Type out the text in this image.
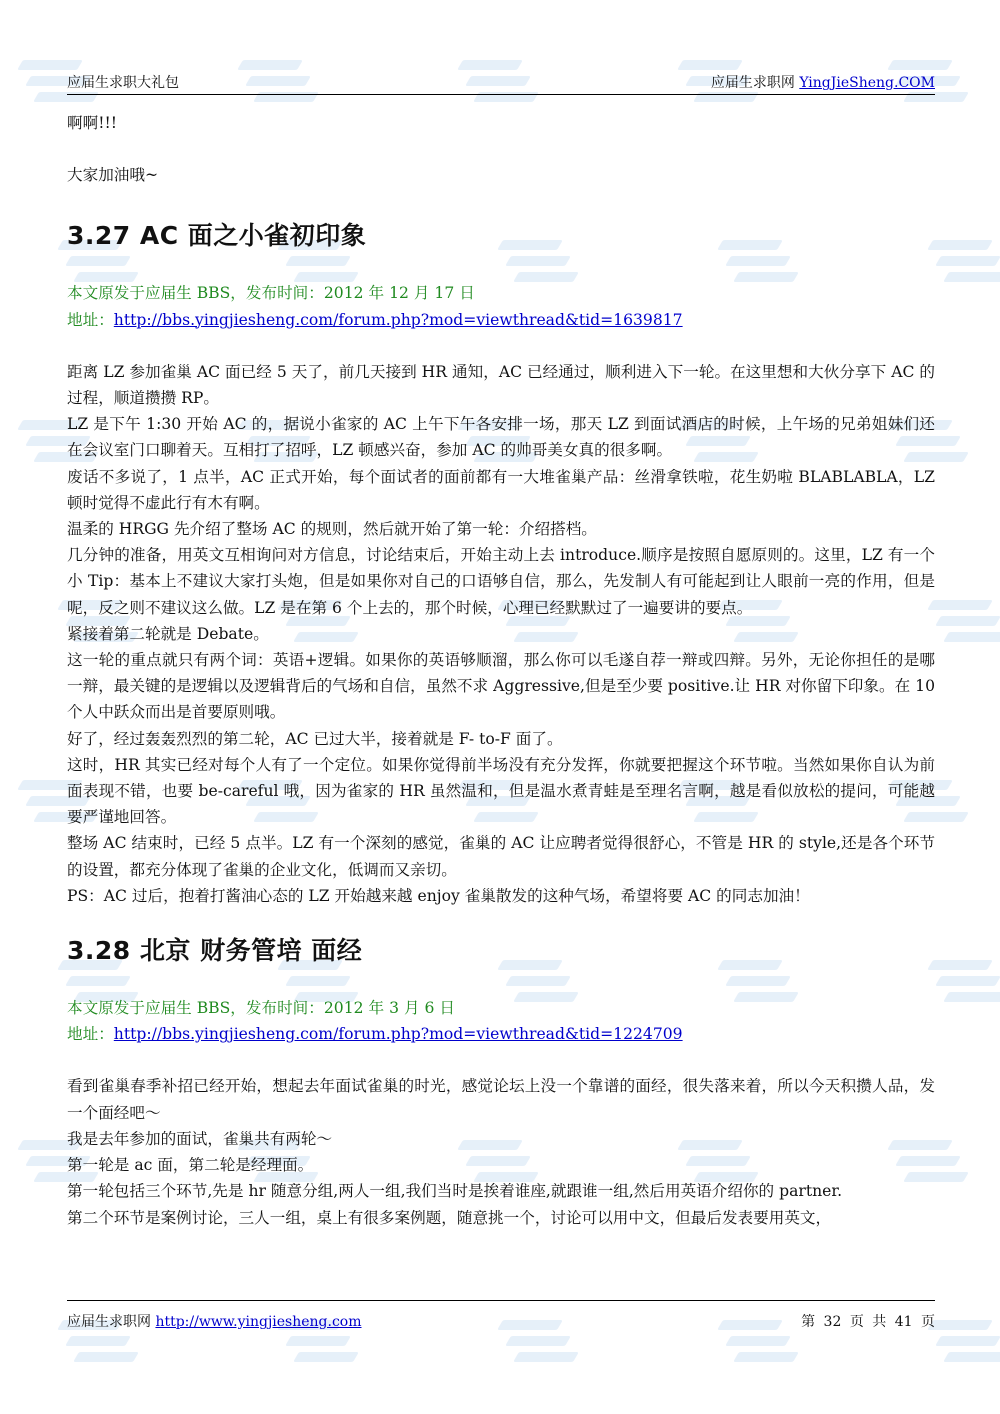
应届生求职大礼包	应届生求职网 YingJieSheng.COM

啊啊!!!

大家加油哦~

3.27 AC 面之小雀初印象

本文原发于应届生 BBS，发布时间：2012 年 12 月 17 日

地址：http://bbs.yingjiesheng.com/forum.php?mod=viewthread&tid=1639817

距离 LZ 参加雀巢 AC 面已经 5 天了，前几天接到 HR 通知，AC 已经通过，顺利进入下一轮。在这里想和大伙分享下 AC 的过程，顺道攒攒 RP。

LZ 是下午 1:30 开始 AC 的，据说小雀家的 AC 上午下午各安排一场，那天 LZ 到面试酒店的时候，上午场的兄弟姐妹们还在会议室门口聊着天。互相打了招呼，LZ 顿感兴奋，参加 AC 的帅哥美女真的很多啊。

废话不多说了，1 点半，AC 正式开始，每个面试者的面前都有一大堆雀巢产品：丝滑拿铁啦，花生奶啦 BLABLABLA，LZ 顿时觉得不虚此行有木有啊。

温柔的 HRGG 先介绍了整场 AC 的规则，然后就开始了第一轮：介绍搭档。

几分钟的准备，用英文互相询问对方信息，讨论结束后，开始主动上去 introduce.顺序是按照自愿原则的。这里，LZ 有一个小 Tip：基本上不建议大家打头炮，但是如果你对自己的口语够自信，那么，先发制人有可能起到让人眼前一亮的作用，但是呢，反之则不建议这么做。LZ 是在第 6 个上去的，那个时候，心理已经默默过了一遍要讲的要点。

紧接着第二轮就是 Debate。

这一轮的重点就只有两个词：英语+逻辑。如果你的英语够顺溜，那么你可以毛遂自荐一辩或四辩。另外，无论你担任的是哪一辩，最关键的是逻辑以及逻辑背后的气场和自信，虽然不求 Aggressive,但是至少要 positive.让 HR 对你留下印象。在 10 个人中跃众而出是首要原则哦。

好了，经过轰轰烈烈的第二轮，AC 已过大半，接着就是 F- to-F 面了。

这时，HR 其实已经对每个人有了一个定位。如果你觉得前半场没有充分发挥，你就要把握这个环节啦。当然如果你自认为前面表现不错，也要 be-careful 哦，因为雀家的 HR 虽然温和，但是温水煮青蛙是至理名言啊，越是看似放松的提问，可能越要严谨地回答。

整场 AC 结束时，已经 5 点半。LZ 有一个深刻的感觉，雀巢的 AC 让应聘者觉得很舒心，不管是 HR 的 style,还是各个环节的设置，都充分体现了雀巢的企业文化，低调而又亲切。

PS：AC 过后，抱着打酱油心态的 LZ 开始越来越 enjoy 雀巢散发的这种气场，希望将要 AC 的同志加油！

3.28 北京 财务管培 面经

本文原发于应届生 BBS，发布时间：2012 年 3 月 6 日

地址：http://bbs.yingjiesheng.com/forum.php?mod=viewthread&tid=1224709

看到雀巢春季补招已经开始，想起去年面试雀巢的时光，感觉论坛上没一个靠谱的面经，很失落来着，所以今天积攒人品，发一个面经吧～

我是去年参加的面试，雀巢共有两轮～

第一轮是 ac 面，第二轮是经理面。

第一轮包括三个环节,先是 hr 随意分组,两人一组,我们当时是挨着谁座,就跟谁一组,然后用英语介绍你的 partner.

第二个环节是案例讨论，三人一组，桌上有很多案例题，随意挑一个，讨论可以用中文，但最后发表要用英文，

应届生求职网 http://www.yingjiesheng.com	第 32 页 共 41 页
